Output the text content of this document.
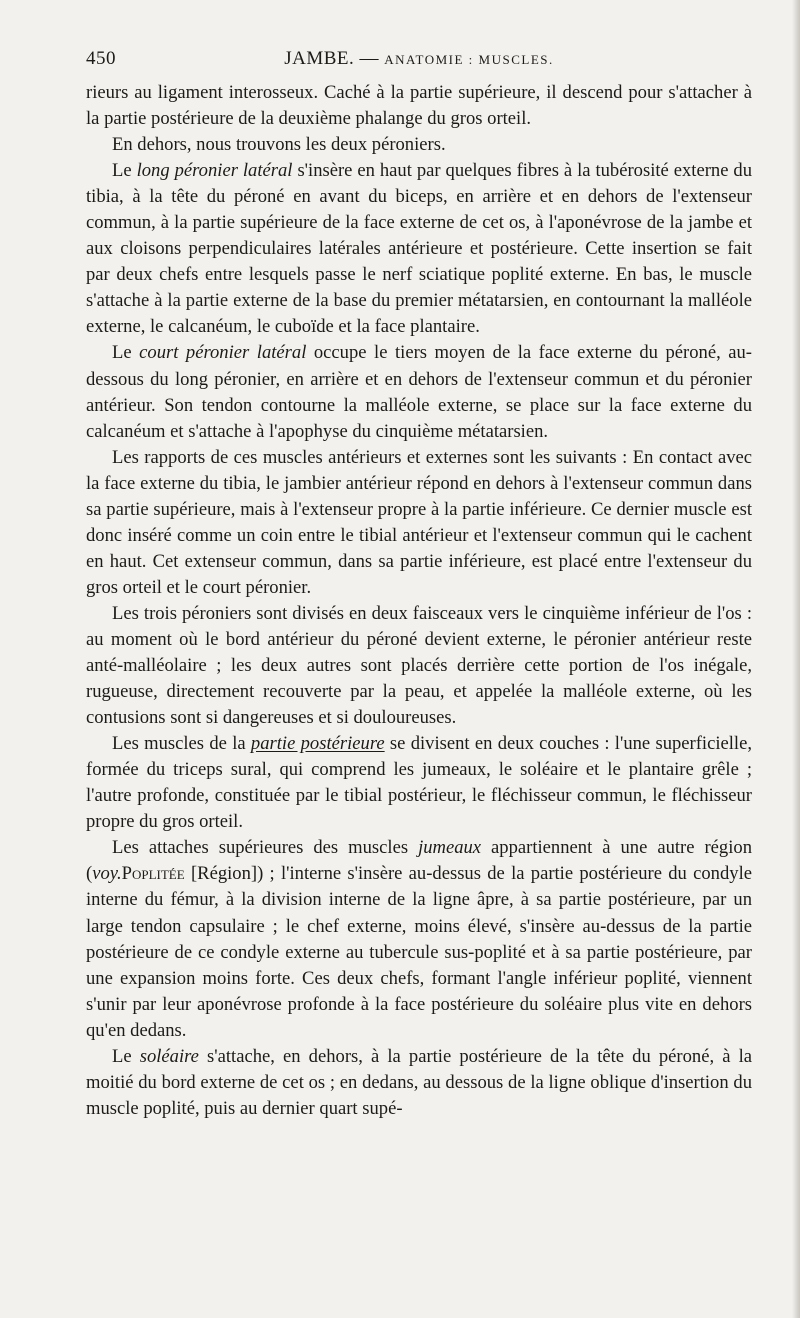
450	JAMBE. — ANATOMIE : MUSCLES.

rieurs au ligament interosseux. Caché à la partie supérieure, il descend pour s'attacher à la partie postérieure de la deuxième phalange du gros orteil.

En dehors, nous trouvons les deux péroniers.

Le long péronier latéral s'insère en haut par quelques fibres à la tubérosité externe du tibia, à la tête du péroné en avant du biceps, en arrière et en dehors de l'extenseur commun, à la partie supérieure de la face externe de cet os, à l'aponévrose de la jambe et aux cloisons perpendiculaires latérales antérieure et postérieure. Cette insertion se fait par deux chefs entre lesquels passe le nerf sciatique poplité externe. En bas, le muscle s'attache à la partie externe de la base du premier métatarsien, en contournant la malléole externe, le calcanéum, le cuboïde et la face plantaire.

Le court péronier latéral occupe le tiers moyen de la face externe du péroné, au-dessous du long péronier, en arrière et en dehors de l'extenseur commun et du péronier antérieur. Son tendon contourne la malléole externe, se place sur la face externe du calcanéum et s'attache à l'apophyse du cinquième métatarsien.

Les rapports de ces muscles antérieurs et externes sont les suivants : En contact avec la face externe du tibia, le jambier antérieur répond en dehors à l'extenseur commun dans sa partie supérieure, mais à l'extenseur propre à la partie inférieure. Ce dernier muscle est donc inséré comme un coin entre le tibial antérieur et l'extenseur commun qui le cachent en haut. Cet extenseur commun, dans sa partie inférieure, est placé entre l'extenseur du gros orteil et le court péronier.

Les trois péroniers sont divisés en deux faisceaux vers le cinquième inférieur de l'os : au moment où le bord antérieur du péroné devient externe, le péronier antérieur reste anté-malléolaire ; les deux autres sont placés derrière cette portion de l'os inégale, rugueuse, directement recouverte par la peau, et appelée la malléole externe, où les contusions sont si dangereuses et si douloureuses.

Les muscles de la partie postérieure se divisent en deux couches : l'une superficielle, formée du triceps sural, qui comprend les jumeaux, le soléaire et le plantaire grêle ; l'autre profonde, constituée par le tibial postérieur, le fléchisseur commun, le fléchisseur propre du gros orteil.

Les attaches supérieures des muscles jumeaux appartiennent à une autre région (voy.Poplitée [Région]) ; l'interne s'insère au-dessus de la partie postérieure du condyle interne du fémur, à la division interne de la ligne âpre, à sa partie postérieure, par un large tendon capsulaire ; le chef externe, moins élevé, s'insère au-dessus de la partie postérieure de ce condyle externe au tubercule sus-poplité et à sa partie postérieure, par une expansion moins forte. Ces deux chefs, formant l'angle inférieur poplité, viennent s'unir par leur aponévrose profonde à la face postérieure du soléaire plus vite en dehors qu'en dedans.

Le soléaire s'attache, en dehors, à la partie postérieure de la tête du péroné, à la moitié du bord externe de cet os ; en dedans, au dessous de la ligne oblique d'insertion du muscle poplité, puis au dernier quart supé-
